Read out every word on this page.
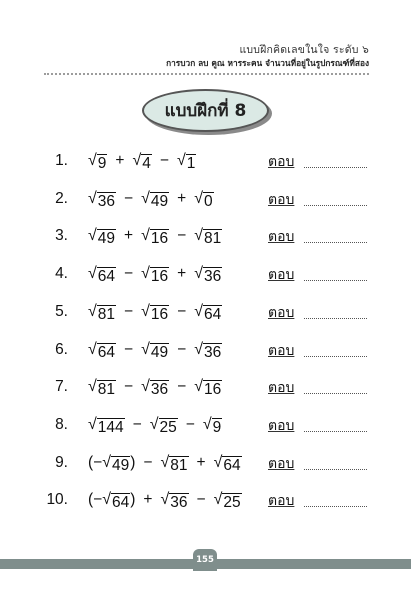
แบบฝึกคิดเลขในใจ ระดับ ๖
การบวก ลบ คูณ หารระคน จำนวนที่อยู่ในรูปกรณฑ์ที่สอง
แบบฝึกที่ 8
1. √ 9 + √ 4 − √ 1	ตอบ
2. √ 36 − √ 49 + √ 0	ตอบ
3. √ 49 + √ 16 − √ 81	ตอบ
4. √ 64 − √ 16 + √ 36	ตอบ
5. √ 81 − √ 16 − √ 64	ตอบ
6. √ 64 − √ 49 − √ 36	ตอบ
7. √ 81 − √ 36 − √ 16	ตอบ
8. √ 144 − √ 25 − √ 9	ตอบ
9. (− √ 49 ) − √ 81 + √ 64 ตอบ
10. (− √ 64 ) + √ 36 − √ 25 ตอบ
155
